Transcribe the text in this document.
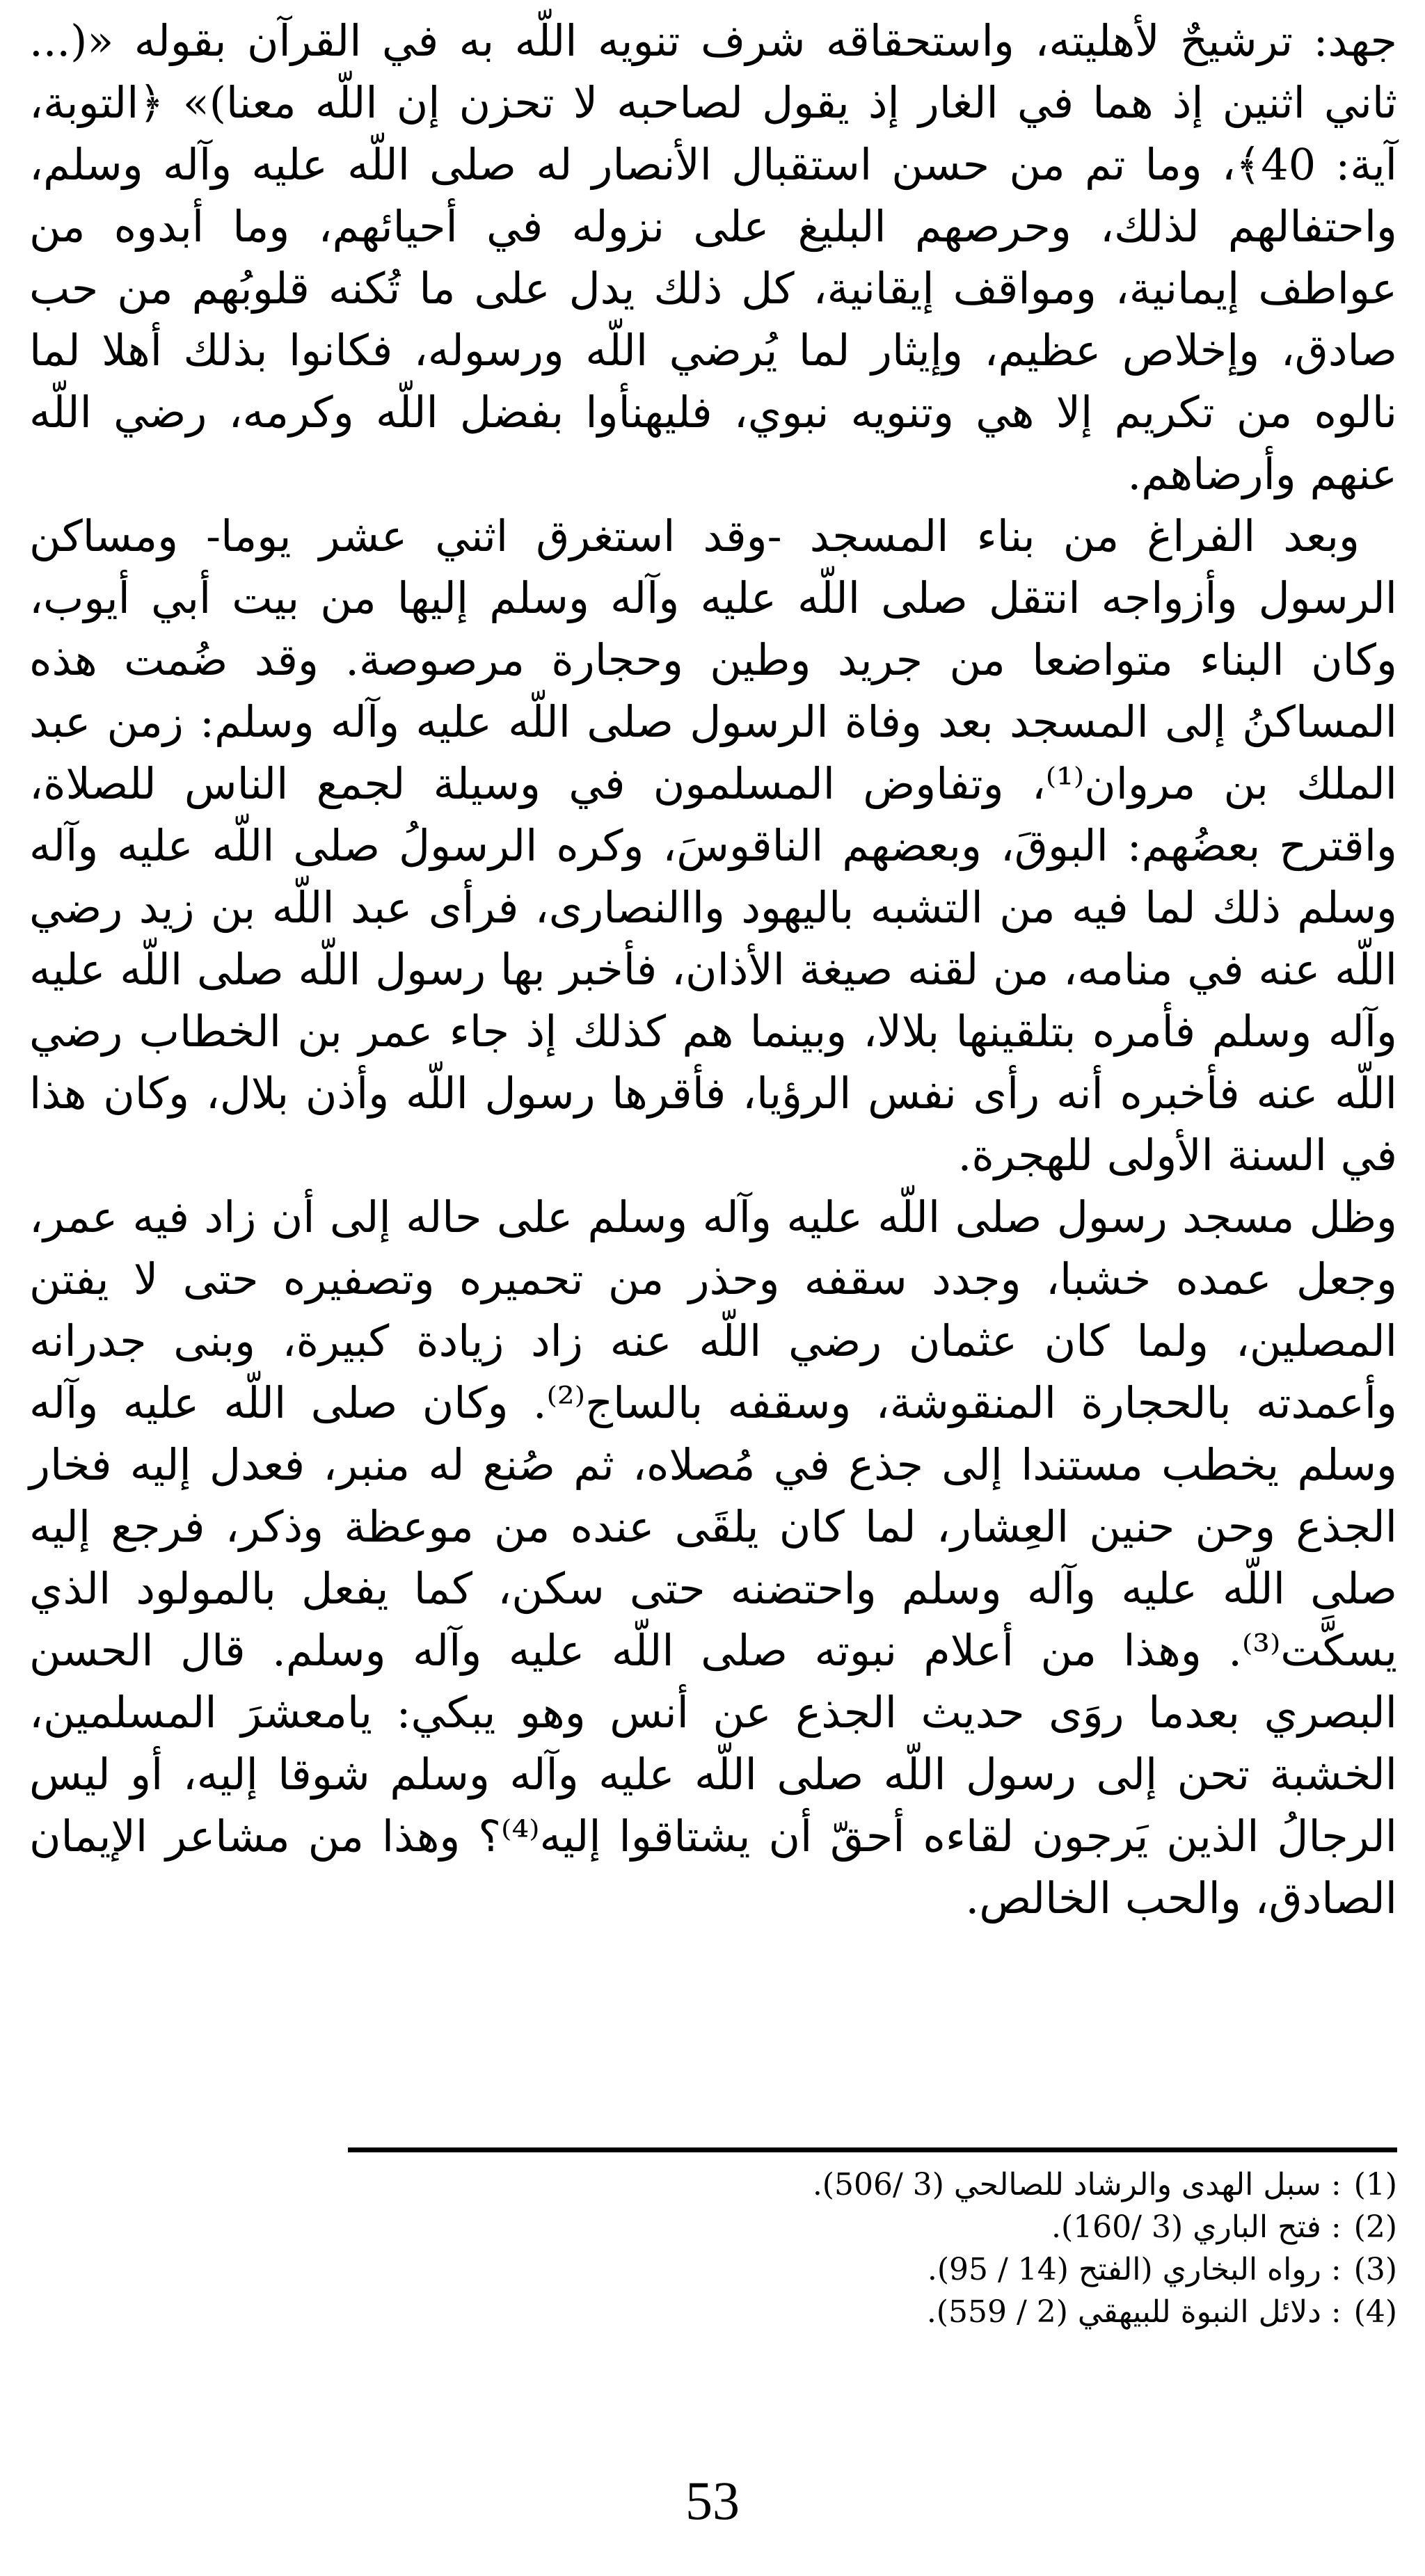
جهد: ترشيحٌ لأهليته، واستحقاقه شرف تنويه اللّه به في القرآن بقوله «(... ثاني اثنين إذ هما في الغار إذ يقول لصاحبه لا تحزن إن اللّه معنا)» ﴿التوبة، آية: 40﴾، وما تم من حسن استقبال الأنصار له صلى اللّه عليه وآله وسلم، واحتفالهم لذلك، وحرصهم البليغ على نزوله في أحيائهم، وما أبدوه من عواطف إيمانية، ومواقف إيقانية، كل ذلك يدل على ما تُكنه قلوبُهم من حب صادق، وإخلاص عظيم، وإيثار لما يُرضي اللّه ورسوله، فكانوا بذلك أهلا لما نالوه من تكريم إلا هي وتنويه نبوي، فليهنأوا بفضل اللّه وكرمه، رضي اللّه عنهم وأرضاهم.

وبعد الفراغ من بناء المسجد -وقد استغرق اثني عشر يوما- ومساكن الرسول وأزواجه انتقل صلى اللّه عليه وآله وسلم إليها من بيت أبي أيوب، وكان البناء متواضعا من جريد وطين وحجارة مرصوصة. وقد ضُمت هذه المساكنُ إلى المسجد بعد وفاة الرسول صلى اللّه عليه وآله وسلم: زمن عبد الملك بن مروان⁽¹⁾، وتفاوض المسلمون في وسيلة لجمع الناس للصلاة، واقترح بعضُهم: البوقَ، وبعضهم الناقوسَ، وكره الرسولُ صلى اللّه عليه وآله وسلم ذلك لما فيه من التشبه باليهود واالنصارى، فرأى عبد اللّه بن زيد رضي اللّه عنه في منامه، من لقنه صيغة الأذان، فأخبر بها رسول اللّه صلى اللّه عليه وآله وسلم فأمره بتلقينها بلالا، وبينما هم كذلك إذ جاء عمر بن الخطاب رضي اللّه عنه فأخبره أنه رأى نفس الرؤيا، فأقرها رسول اللّه وأذن بلال، وكان هذا في السنة الأولى للهجرة.

وظل مسجد رسول صلى اللّه عليه وآله وسلم على حاله إلى أن زاد فيه عمر، وجعل عمده خشبا، وجدد سقفه وحذر من تحميره وتصفيره حتى لا يفتن المصلين، ولما كان عثمان رضي اللّه عنه زاد زيادة كبيرة، وبنى جدرانه وأعمدته بالحجارة المنقوشة، وسقفه بالساج⁽²⁾. وكان صلى اللّه عليه وآله وسلم يخطب مستندا إلى جذع في مُصلاه، ثم صُنع له منبر، فعدل إليه فخار الجذع وحن حنين العِشار، لما كان يلقَى عنده من موعظة وذكر، فرجع إليه صلى اللّه عليه وآله وسلم واحتضنه حتى سكن، كما يفعل بالمولود الذي يسكَّت⁽³⁾. وهذا من أعلام نبوته صلى اللّه عليه وآله وسلم. قال الحسن البصري بعدما روَى حديث الجذع عن أنس وهو يبكي: يامعشرَ المسلمين، الخشبة تحن إلى رسول اللّه صلى اللّه عليه وآله وسلم شوقا إليه، أو ليس الرجالُ الذين يَرجون لقاءه أحقّ أن يشتاقوا إليه⁽⁴⁾؟ وهذا من مشاعر الإيمان الصادق، والحب الخالص.

(1): سبل الهدى والرشاد للصالحي (3 /506).
(2): فتح الباري (3 /160).
(3): رواه البخاري (الفتح (14 / 95).
(4): دلائل النبوة للبيهقي (2 / 559).
53
